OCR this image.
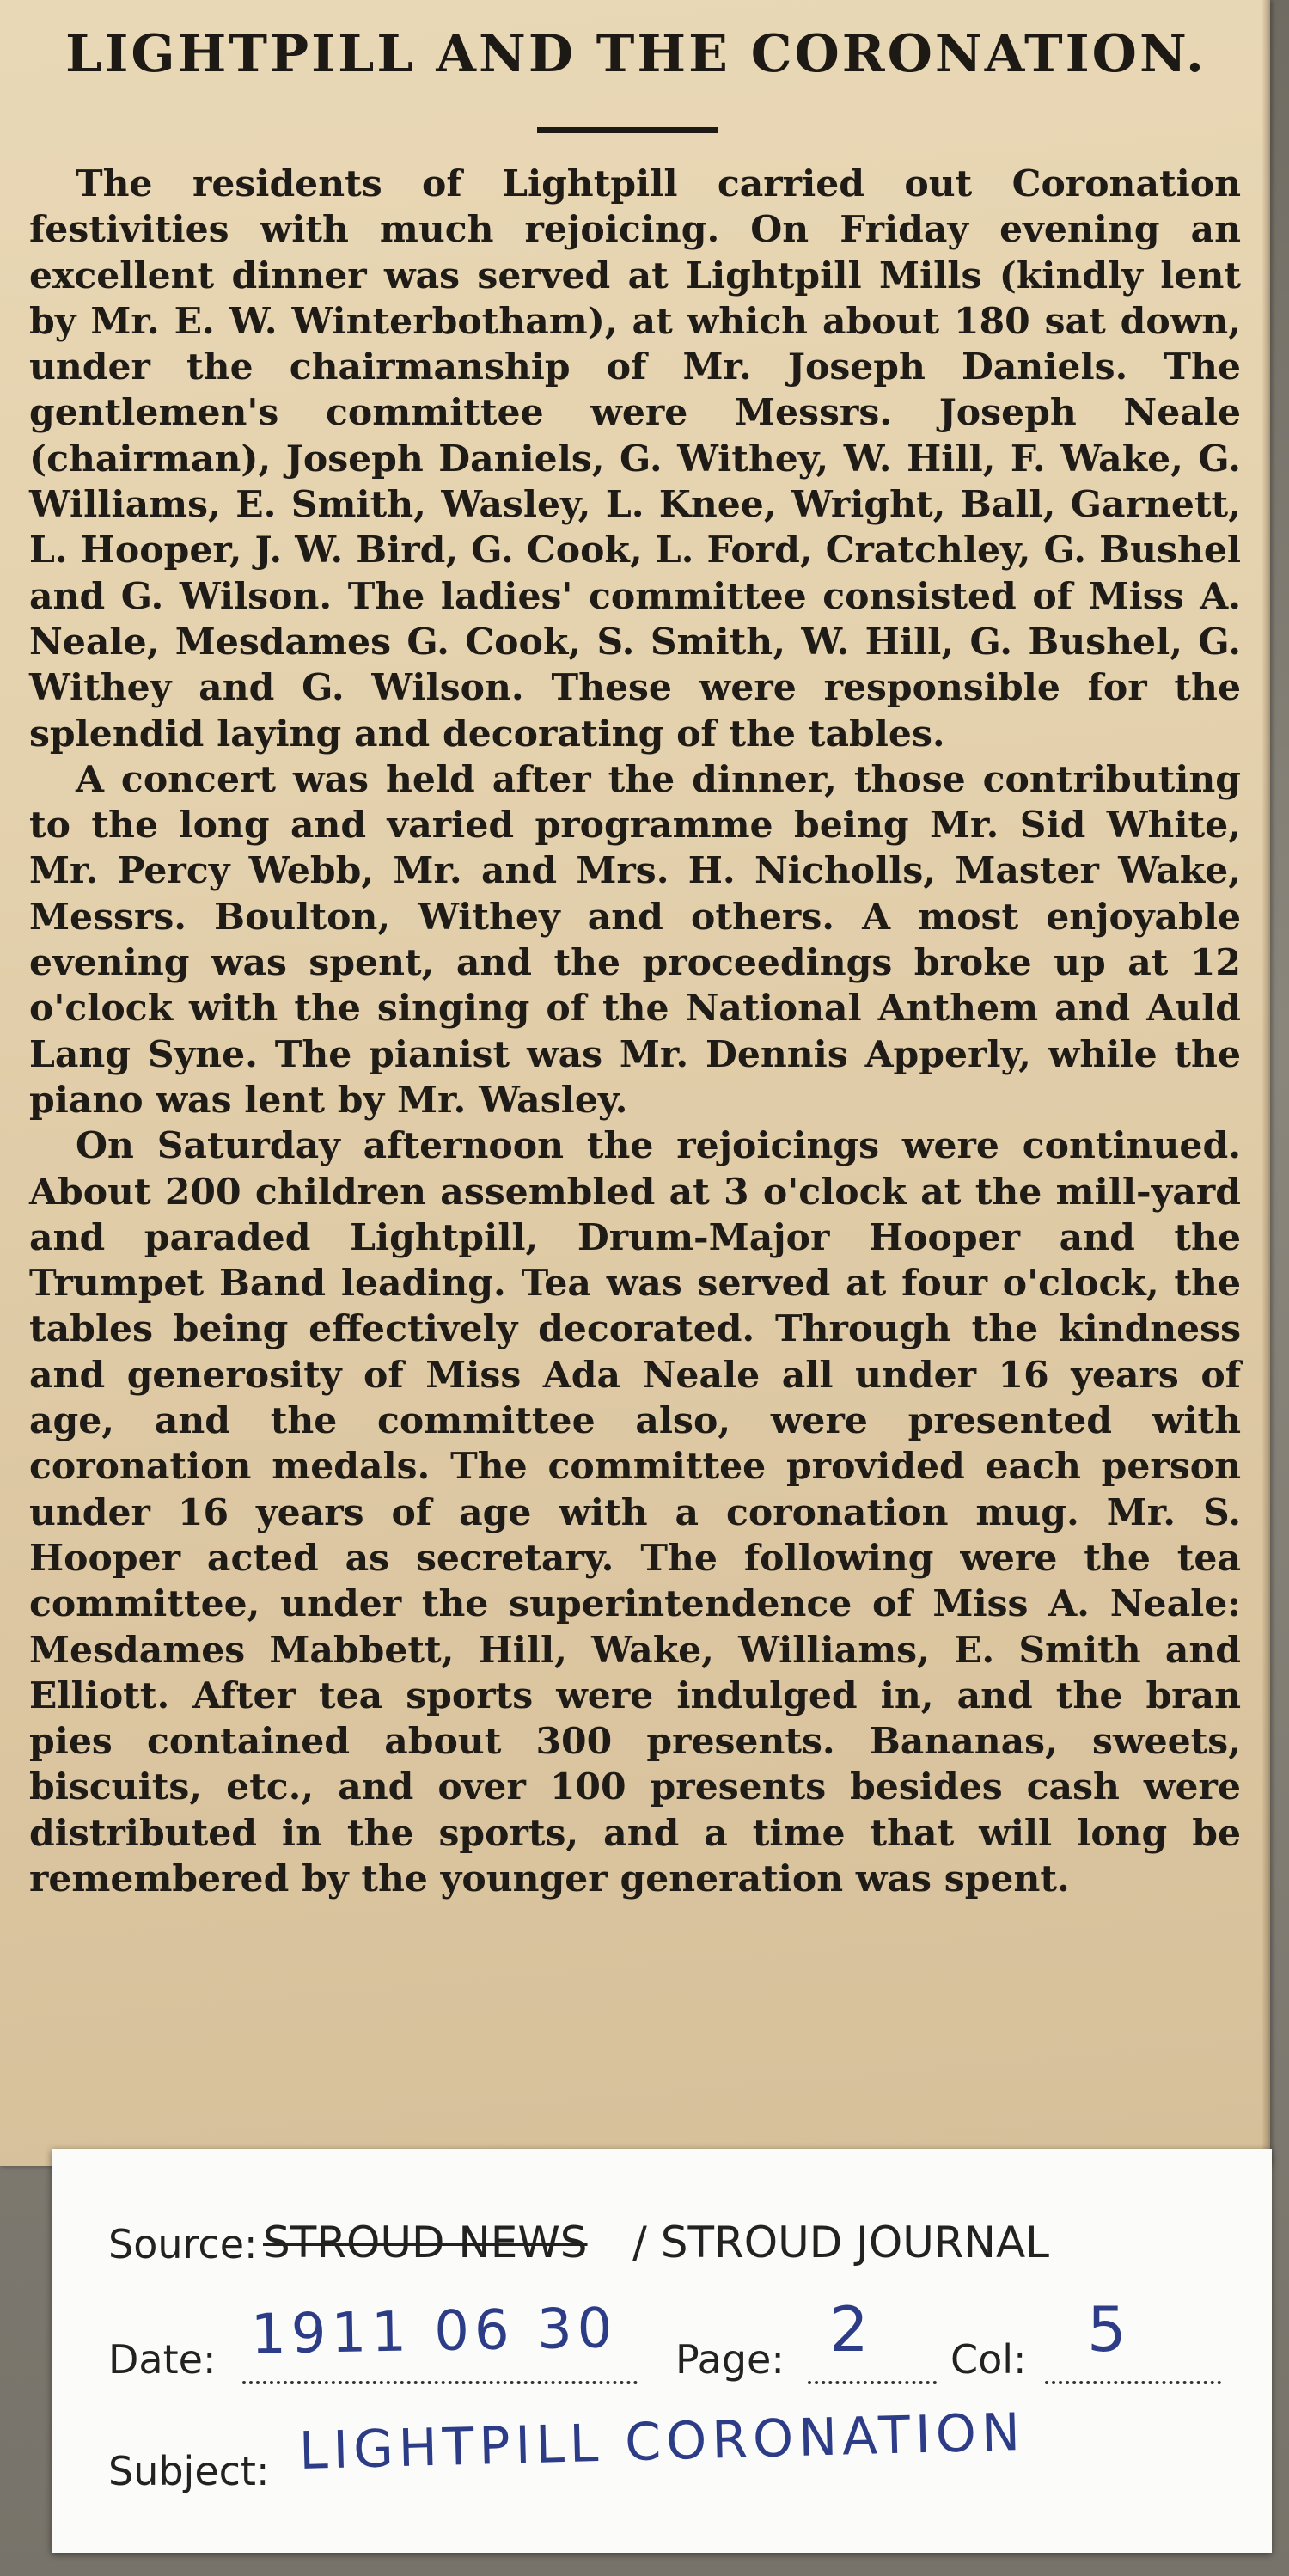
LIGHTPILL AND THE CORONATION.

The residents of Lightpill carried out Coronation festivities with much rejoicing. On Friday evening an excellent dinner was served at Lightpill Mills (kindly lent by Mr. E. W. Winterbotham), at which about 180 sat down, under the chairmanship of Mr. Joseph Daniels. The gentlemen's committee were Messrs. Joseph Neale (chairman), Joseph Daniels, G. Withey, W. Hill, F. Wake, G. Williams, E. Smith, Wasley, L. Knee, Wright, Ball, Garnett, L. Hooper, J. W. Bird, G. Cook, L. Ford, Cratchley, G. Bushel and G. Wilson. The ladies' committee consisted of Miss A. Neale, Mesdames G. Cook, S. Smith, W. Hill, G. Bushel, G. Withey and G. Wilson. These were responsible for the splendid laying and decorating of the tables.

A concert was held after the dinner, those contributing to the long and varied programme being Mr. Sid White, Mr. Percy Webb, Mr. and Mrs. H. Nicholls, Master Wake, Messrs. Boulton, Withey and others. A most enjoyable evening was spent, and the proceedings broke up at 12 o'clock with the singing of the National Anthem and Auld Lang Syne. The pianist was Mr. Dennis Apperly, while the piano was lent by Mr. Wasley.

On Saturday afternoon the rejoicings were continued. About 200 children assembled at 3 o'clock at the mill-yard and paraded Lightpill, Drum-Major Hooper and the Trumpet Band leading. Tea was served at four o'clock, the tables being effectively decorated. Through the kindness and generosity of Miss Ada Neale all under 16 years of age, and the committee also, were presented with coronation medals. The committee provided each person under 16 years of age with a coronation mug. Mr. S. Hooper acted as secretary. The following were the tea committee, under the superintendence of Miss A. Neale: Mesdames Mabbett, Hill, Wake, Williams, E. Smith and Elliott. After tea sports were indulged in, and the bran pies contained about 300 presents. Bananas, sweets, biscuits, etc., and over 100 presents besides cash were distributed in the sports, and a time that will long be remembered by the younger generation was spent.

Source: STROUD NEWS / STROUD JOURNAL
Date: 1911 06 30 Page: 2 Col: 5
Subject: LIGHTPILL CORONATION
